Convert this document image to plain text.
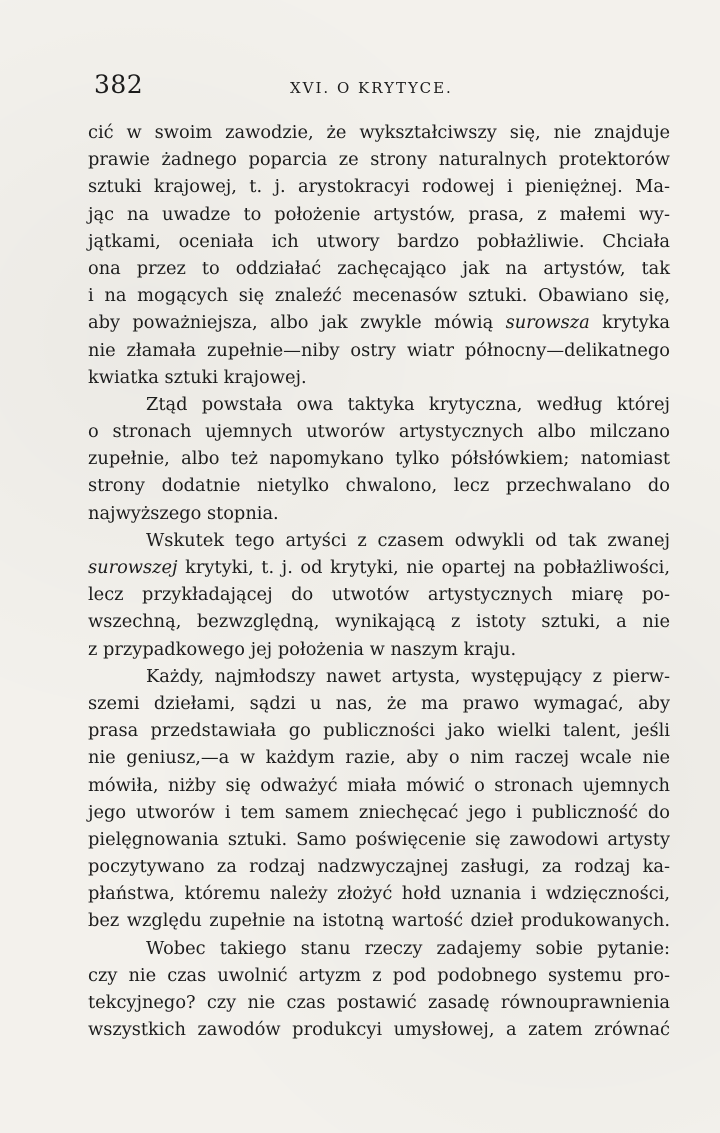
382	XVI. O KRYTYCE.
cić w swoim zawodzie, że wykształciwszy się, nie znajduje
prawie żadnego poparcia ze strony naturalnych protektorów
sztuki krajowej, t. j. arystokracyi rodowej i pieniężnej. Ma-
jąc na uwadze to położenie artystów, prasa, z małemi wy-
jątkami, oceniała ich utwory bardzo pobłażliwie. Chciała
ona przez to oddziałać zachęcająco jak na artystów, tak
i na mogących się znaleźć mecenasów sztuki. Obawiano się,
aby poważniejsza, albo jak zwykle mówią surowsza krytyka
nie złamała zupełnie—niby ostry wiatr północny—delikatnego
kwiatka sztuki krajowej.
Ztąd powstała owa taktyka krytyczna, według której
o stronach ujemnych utworów artystycznych albo milczano
zupełnie, albo też napomykano tylko półsłówkiem; natomiast
strony dodatnie nietylko chwalono, lecz przechwalano do
najwyższego stopnia.
Wskutek tego artyści z czasem odwykli od tak zwanej
surowszej krytyki, t. j. od krytyki, nie opartej na pobłażliwości,
lecz przykładającej do utwotów artystycznych miarę po-
wszechną, bezwzględną, wynikającą z istoty sztuki, a nie
z przypadkowego jej położenia w naszym kraju.
Każdy, najmłodszy nawet artysta, występujący z pierw-
szemi dziełami, sądzi u nas, że ma prawo wymagać, aby
prasa przedstawiała go publiczności jako wielki talent, jeśli
nie geniusz,—a w każdym razie, aby o nim raczej wcale nie
mówiła, niżby się odważyć miała mówić o stronach ujemnych
jego utworów i tem samem zniechęcać jego i publiczność do
pielęgnowania sztuki. Samo poświęcenie się zawodowi artysty
poczytywano za rodzaj nadzwyczajnej zasługi, za rodzaj ka-
płaństwa, któremu należy złożyć hołd uznania i wdzięczności,
bez względu zupełnie na istotną wartość dzieł produkowanych.
Wobec takiego stanu rzeczy zadajemy sobie pytanie:
czy nie czas uwolnić artyzm z pod podobnego systemu pro-
tekcyjnego? czy nie czas postawić zasadę równouprawnienia
wszystkich zawodów produkcyi umysłowej, a zatem zrównać
